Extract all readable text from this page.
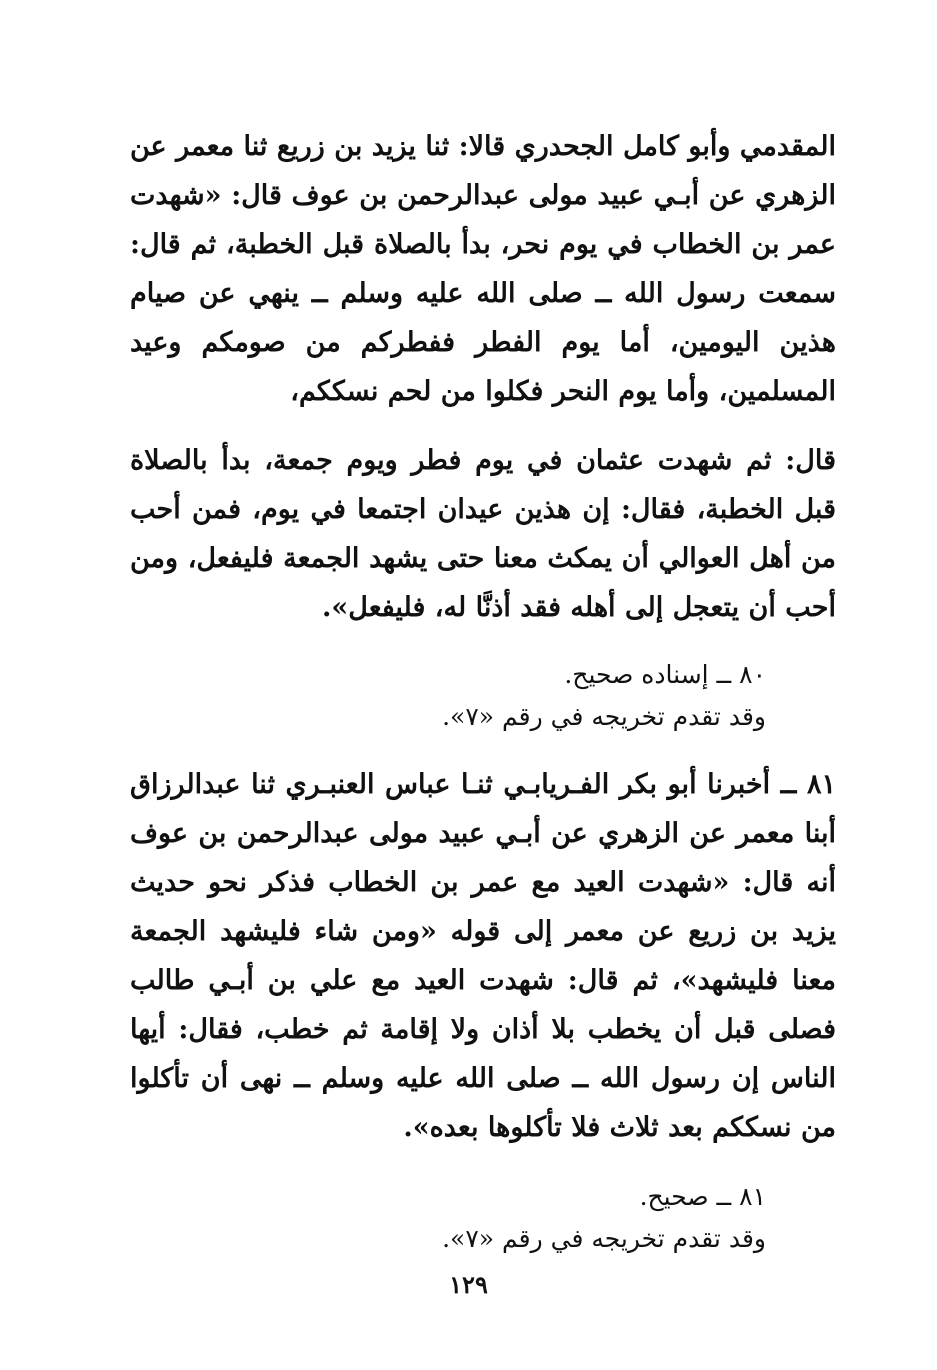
المقدمي وأبو كامل الجحدري قالا: ثنا يزيد بن زريع ثنا معمر عن الزهري عن أبـي عبيد مولى عبدالرحمن بن عوف قال: «شهدت عمر بن الخطاب في يوم نحر، بدأ بالصلاة قبل الخطبة، ثم قال: سمعت رسول الله ــ صلى الله عليه وسلم ــ ينهي عن صيام هذين اليومين، أما يوم الفطر ففطركم من صومكم وعيد المسلمين، وأما يوم النحر فكلوا من لحم نسككم،

قال: ثم شهدت عثمان في يوم فطر ويوم جمعة، بدأ بالصلاة قبل الخطبة، فقال: إن هذين عيدان اجتمعا في يوم، فمن أحب من أهل العوالي أن يمكث معنا حتى يشهد الجمعة فليفعل، ومن أحب أن يتعجل إلى أهله فقد أذنَّا له، فليفعل».

٨٠ ــ إسناده صحيح.

وقد تقدم تخريجه في رقم «٧».

٨١ ــ أخبرنا أبو بكر الفـريابـي ثنـا عباس العنبـري ثنا عبدالرزاق أبنا معمر عن الزهري عن أبـي عبيد مولى عبدالرحمن بن عوف أنه قال: «شهدت العيد مع عمر بن الخطاب فذكر نحو حديث يزيد بن زريع عن معمر إلى قوله «ومن شاء فليشهد الجمعة معنا فليشهد»، ثم قال: شهدت العيد مع علي بن أبـي طالب فصلى قبل أن يخطب بلا أذان ولا إقامة ثم خطب، فقال: أيها الناس إن رسول الله ــ صلى الله عليه وسلم ــ نهى أن تأكلوا من نسككم بعد ثلاث فلا تأكلوها بعده».

٨١ ــ صحيح.

وقد تقدم تخريجه في رقم «٧».

١٢٩
